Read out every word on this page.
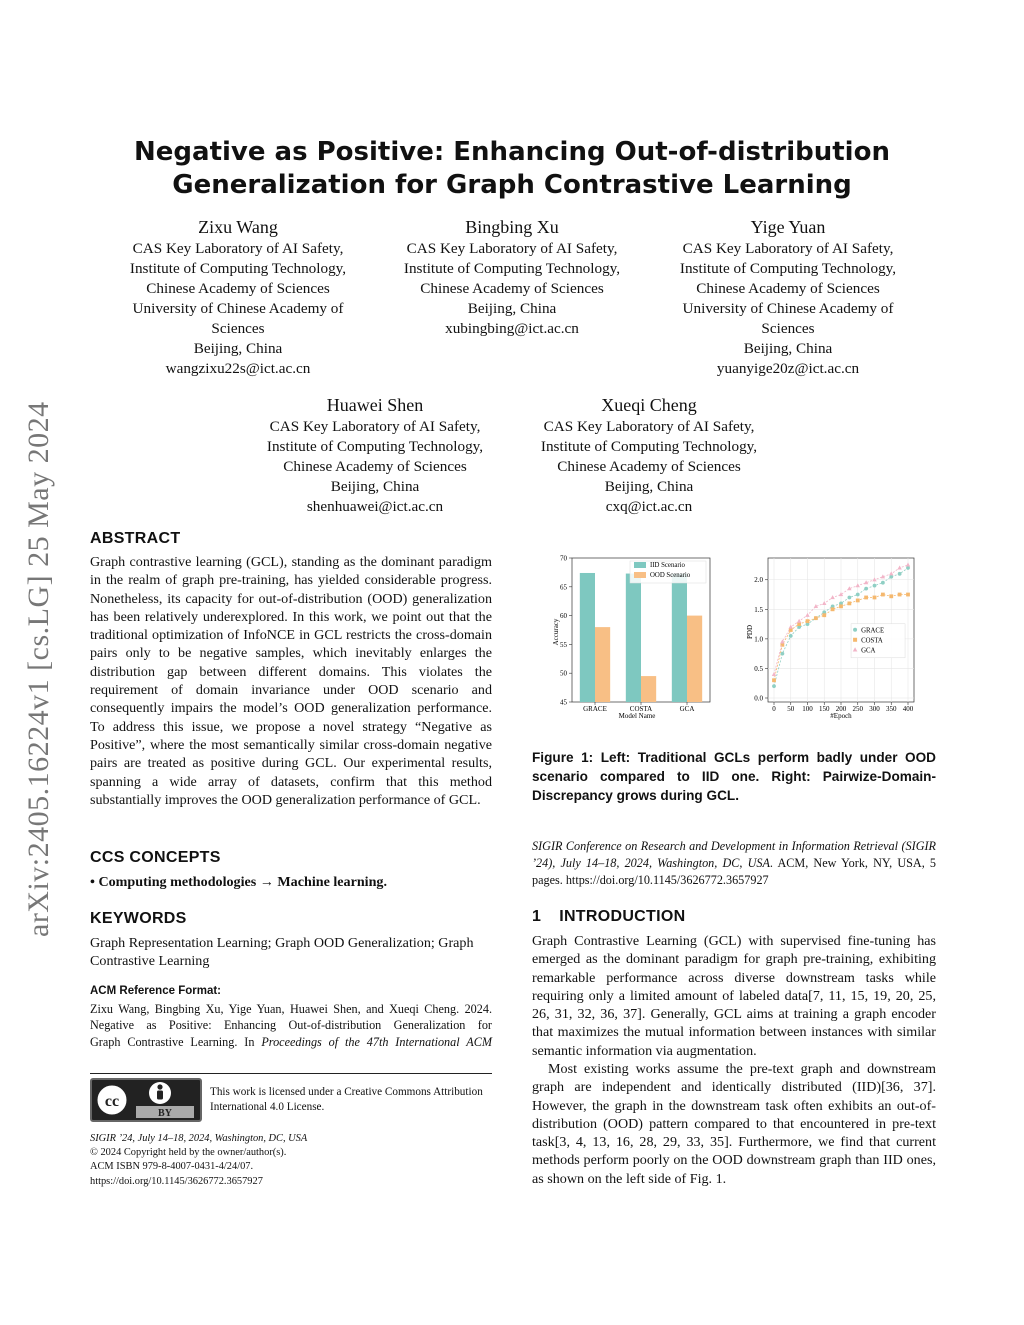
arXiv:2405.16224v1 [cs.LG] 25 May 2024
Negative as Positive: Enhancing Out-of-distribution
Generalization for Graph Contrastive Learning
Zixu Wang
CAS Key Laboratory of AI Safety,
Institute of Computing Technology,
Chinese Academy of Sciences
University of Chinese Academy of
Sciences
Beijing, China
wangzixu22s@ict.ac.cn
Bingbing Xu
CAS Key Laboratory of AI Safety,
Institute of Computing Technology,
Chinese Academy of Sciences
Beijing, China
xubingbing@ict.ac.cn
Yige Yuan
CAS Key Laboratory of AI Safety,
Institute of Computing Technology,
Chinese Academy of Sciences
University of Chinese Academy of
Sciences
Beijing, China
yuanyige20z@ict.ac.cn
Huawei Shen
CAS Key Laboratory of AI Safety,
Institute of Computing Technology,
Chinese Academy of Sciences
Beijing, China
shenhuawei@ict.ac.cn
Xueqi Cheng
CAS Key Laboratory of AI Safety,
Institute of Computing Technology,
Chinese Academy of Sciences
Beijing, China
cxq@ict.ac.cn
ABSTRACT
Graph contrastive learning (GCL), standing as the dominant paradigm in the realm of graph pre-training, has yielded considerable progress. Nonetheless, its capacity for out-of-distribution (OOD) generalization has been relatively underexplored. In this work, we point out that the traditional optimization of InfoNCE in GCL restricts the cross-domain pairs only to be negative samples, which inevitably enlarges the distribution gap between different domains. This violates the requirement of domain invariance under OOD scenario and consequently impairs the model’s OOD generalization performance. To address this issue, we propose a novel strategy “Negative as Positive”, where the most semantically similar cross-domain negative pairs are treated as positive during GCL. Our experimental results, spanning a wide array of datasets, confirm that this method substantially improves the OOD generalization performance of GCL.
CCS CONCEPTS
• Computing methodologies → Machine learning.
KEYWORDS
Graph Representation Learning; Graph OOD Generalization; Graph Contrastive Learning
ACM Reference Format:
Zixu Wang, Bingbing Xu, Yige Yuan, Huawei Shen, and Xueqi Cheng. 2024.
Negative as Positive: Enhancing Out-of-distribution Generalization for
Graph Contrastive Learning. In Proceedings of the 47th International ACM
cc
BY
This work is licensed under a Creative Commons Attribution
International 4.0 License.
SIGIR ’24, July 14–18, 2024, Washington, DC, USA
© 2024 Copyright held by the owner/author(s).
ACM ISBN 979-8-4007-0431-4/24/07.
https://doi.org/10.1145/3626772.3657927
Accuracy
Model Name
45
50
55
60
65
70
GRACE	COSTA	GCA
IID Scenario
OOD Scenario
PDD
#Epoch
0.0
0.5
1.0
1.5
2.0
0 50 100 150 200 250 300 350 400
GRACE
COSTA
GCA
Figure 1: Left: Traditional GCLs perform badly under OOD scenario compared to IID one. Right: Pairwize-Domain-Discrepancy grows during GCL.
SIGIR Conference on Research and Development in Information Retrieval (SIGIR ’24), July 14–18, 2024, Washington, DC, USA. ACM, New York, NY, USA, 5 pages. https://doi.org/10.1145/3626772.3657927
1 INTRODUCTION
Graph Contrastive Learning (GCL) with supervised fine-tuning has emerged as the dominant paradigm for graph pre-training, exhibiting remarkable performance across diverse downstream tasks while requiring only a limited amount of labeled data[7, 11, 15, 19, 20, 25, 26, 31, 32, 36, 37]. Generally, GCL aims at training a graph encoder that maximizes the mutual information between instances with similar semantic information via augmentation.
Most existing works assume the pre-text graph and downstream graph are independent and identically distributed (IID)[36, 37]. However, the graph in the downstream task often exhibits an out-of-distribution (OOD) pattern compared to that encountered in pre-text task[3, 4, 13, 16, 28, 29, 33, 35]. Furthermore, we find that current methods perform poorly on the OOD downstream graph than IID ones, as shown on the left side of Fig. 1.
